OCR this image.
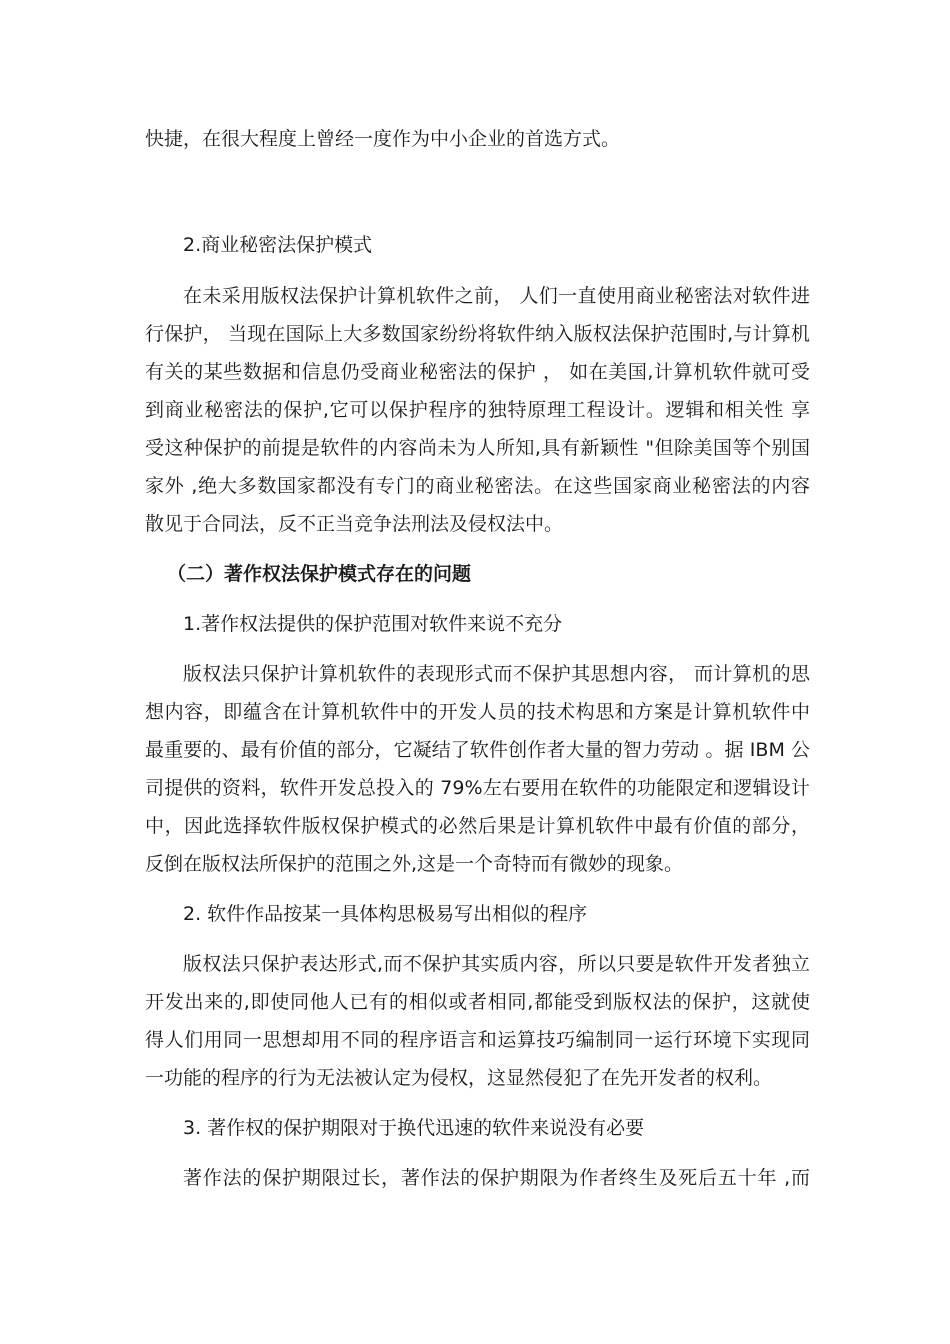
快捷，在很大程度上曾经一度作为中小企业的首选方式。
2.商业秘密法保护模式
在未采用版权法保护计算机软件之前， 人们一直使用商业秘密法对软件进
行保护， 当现在国际上大多数国家纷纷将软件纳入版权法保护范围时,与计算机
有关的某些数据和信息仍受商业秘密法的保护 ， 如在美国,计算机软件就可受
到商业秘密法的保护,它可以保护程序的独特原理工程设计。逻辑和相关性 享
受这种保护的前提是软件的内容尚未为人所知,具有新颖性 "但除美国等个别国
家外 ,绝大多数国家都没有专门的商业秘密法。在这些国家商业秘密法的内容
散见于合同法，反不正当竞争法刑法及侵权法中。
（二）著作权法保护模式存在的问题
1.著作权法提供的保护范围对软件来说不充分
版权法只保护计算机软件的表现形式而不保护其思想内容， 而计算机的思
想内容，即蕴含在计算机软件中的开发人员的技术构思和方案是计算机软件中
最重要的、最有价值的部分，它凝结了软件创作者大量的智力劳动 。据 IBM 公
司提供的资料，软件开发总投入的 79%左右要用在软件的功能限定和逻辑设计
中，因此选择软件版权保护模式的必然后果是计算机软件中最有价值的部分，
反倒在版权法所保护的范围之外,这是一个奇特而有微妙的现象。
2. 软件作品按某一具体构思极易写出相似的程序
版权法只保护表达形式,而不保护其实质内容，所以只要是软件开发者独立
开发出来的,即使同他人已有的相似或者相同,都能受到版权法的保护，这就使
得人们用同一思想却用不同的程序语言和运算技巧编制同一运行环境下实现同
一功能的程序的行为无法被认定为侵权，这显然侵犯了在先开发者的权利。
3. 著作权的保护期限对于换代迅速的软件来说没有必要
著作法的保护期限过长，著作法的保护期限为作者终生及死后五十年 ,而
